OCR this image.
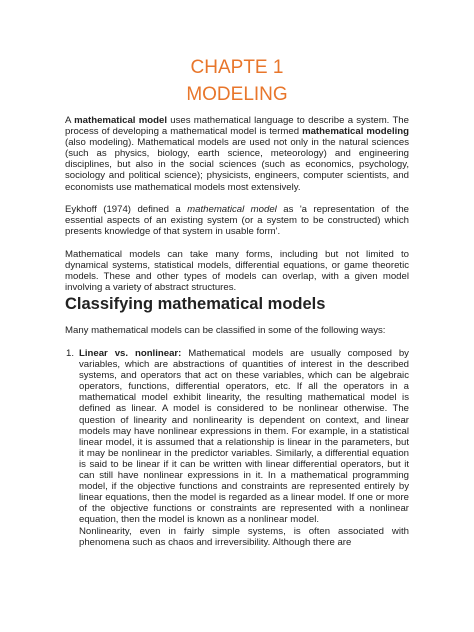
CHAPTE 1
MODELING

A mathematical model uses mathematical language to describe a system. The process of developing a mathematical model is termed mathematical modeling (also modeling). Mathematical models are used not only in the natural sciences (such as physics, biology, earth science, meteorology) and engineering disciplines, but also in the social sciences (such as economics, psychology, sociology and political science); physicists, engineers, computer scientists, and economists use mathematical models most extensively.

Eykhoff (1974) defined a mathematical model as 'a representation of the essential aspects of an existing system (or a system to be constructed) which presents knowledge of that system in usable form'.

Mathematical models can take many forms, including but not limited to dynamical systems, statistical models, differential equations, or game theoretic models. These and other types of models can overlap, with a given model involving a variety of abstract structures.

Classifying mathematical models

Many mathematical models can be classified in some of the following ways:

1. Linear vs. nonlinear: Mathematical models are usually composed by variables, which are abstractions of quantities of interest in the described systems, and operators that act on these variables, which can be algebraic operators, functions, differential operators, etc. If all the operators in a mathematical model exhibit linearity, the resulting mathematical model is defined as linear. A model is considered to be nonlinear otherwise. The question of linearity and nonlinearity is dependent on context, and linear models may have nonlinear expressions in them. For example, in a statistical linear model, it is assumed that a relationship is linear in the parameters, but it may be nonlinear in the predictor variables. Similarly, a differential equation is said to be linear if it can be written with linear differential operators, but it can still have nonlinear expressions in it. In a mathematical programming model, if the objective functions and constraints are represented entirely by linear equations, then the model is regarded as a linear model. If one or more of the objective functions or constraints are represented with a nonlinear equation, then the model is known as a nonlinear model.

Nonlinearity, even in fairly simple systems, is often associated with phenomena such as chaos and irreversibility. Although there are
